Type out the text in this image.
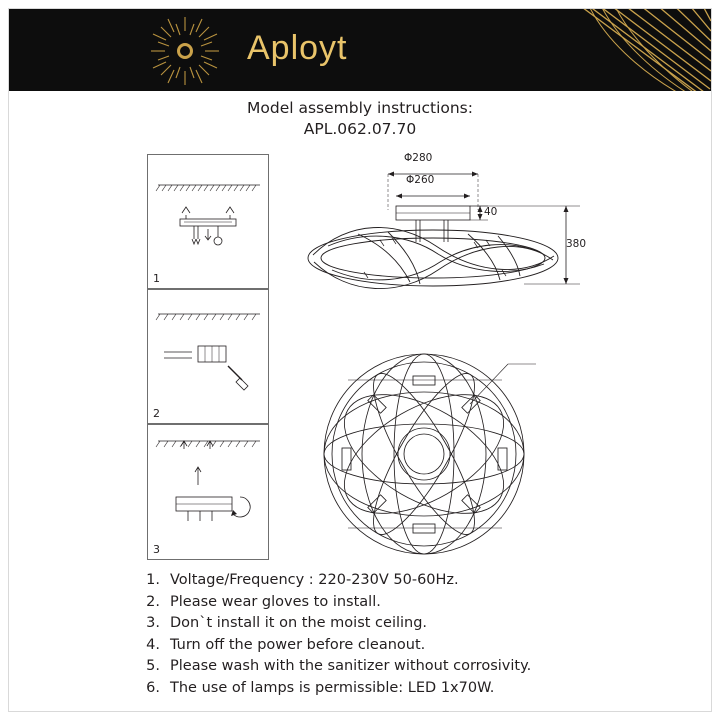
Aployt
Model assembly instructions:
APL.062.07.70
1
2
3
Φ280
Φ260
40
380
1. Voltage/Frequency : 220-230V 50-60Hz.
2. Please wear gloves to install.
3. Don`t install it on the moist ceiling.
4. Turn off the power before cleanout.
5. Please wash with the sanitizer without corrosivity.
6. The use of lamps is permissible: LED 1x70W.
